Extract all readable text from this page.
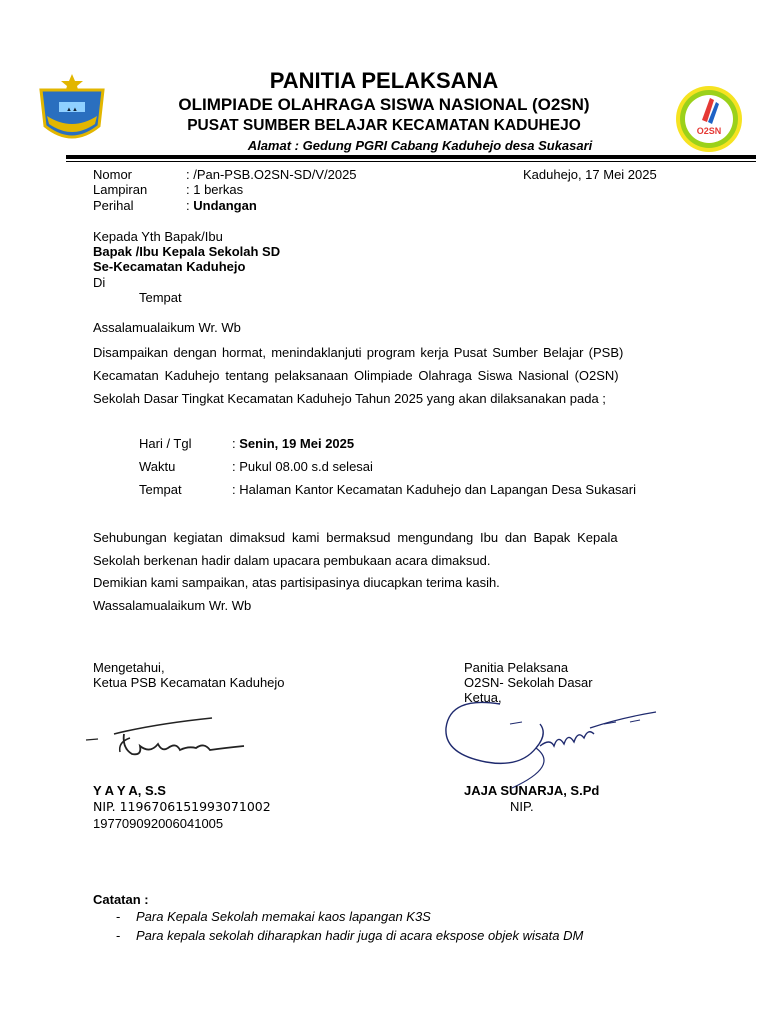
▲▲
O2SN
PANITIA PELAKSANA
OLIMPIADE OLAHRAGA SISWA NASIONAL (O2SN)
PUSAT SUMBER BELAJAR KECAMATAN KADUHEJO
Alamat : Gedung PGRI Cabang Kaduhejo desa Sukasari
Nomor	: /Pan-PSB.O2SN-SD/V/2025	Kaduhejo, 17 Mei 2025
Lampiran	: 1 berkas
Perihal	: Undangan
Kepada Yth Bapak/Ibu
Bapak /Ibu Kepala Sekolah SD
Se-Kecamatan Kaduhejo
Di
Tempat
Assalamualaikum Wr. Wb
Disampaikan dengan hormat, menindaklanjuti program kerja Pusat Sumber Belajar (PSB)
Kecamatan Kaduhejo tentang pelaksanaan Olimpiade Olahraga Siswa Nasional (O2SN)
Sekolah Dasar Tingkat Kecamatan Kaduhejo Tahun 2025 yang akan dilaksanakan pada ;
Hari / Tgl	: Senin, 19 Mei 2025
Waktu	: Pukul 08.00 s.d selesai
Tempat	: Halaman Kantor Kecamatan Kaduhejo dan Lapangan Desa Sukasari
Sehubungan kegiatan dimaksud kami bermaksud mengundang Ibu dan Bapak Kepala
Sekolah berkenan hadir dalam upacara pembukaan acara dimaksud.
Demikian kami sampaikan, atas partisipasinya diucapkan terima kasih.
Wassalamualaikum Wr. Wb
Mengetahui,
Ketua PSB Kecamatan Kaduhejo
Y A Y A, S.S
NIP. 1196706151993071002
197709092006041005
Panitia Pelaksana
O2SN- Sekolah Dasar
Ketua,
JAJA SUNARJA, S.Pd
NIP.
Catatan :
- Para Kepala Sekolah memakai kaos lapangan K3S
- Para kepala sekolah diharapkan hadir juga di acara ekspose objek wisata DM
